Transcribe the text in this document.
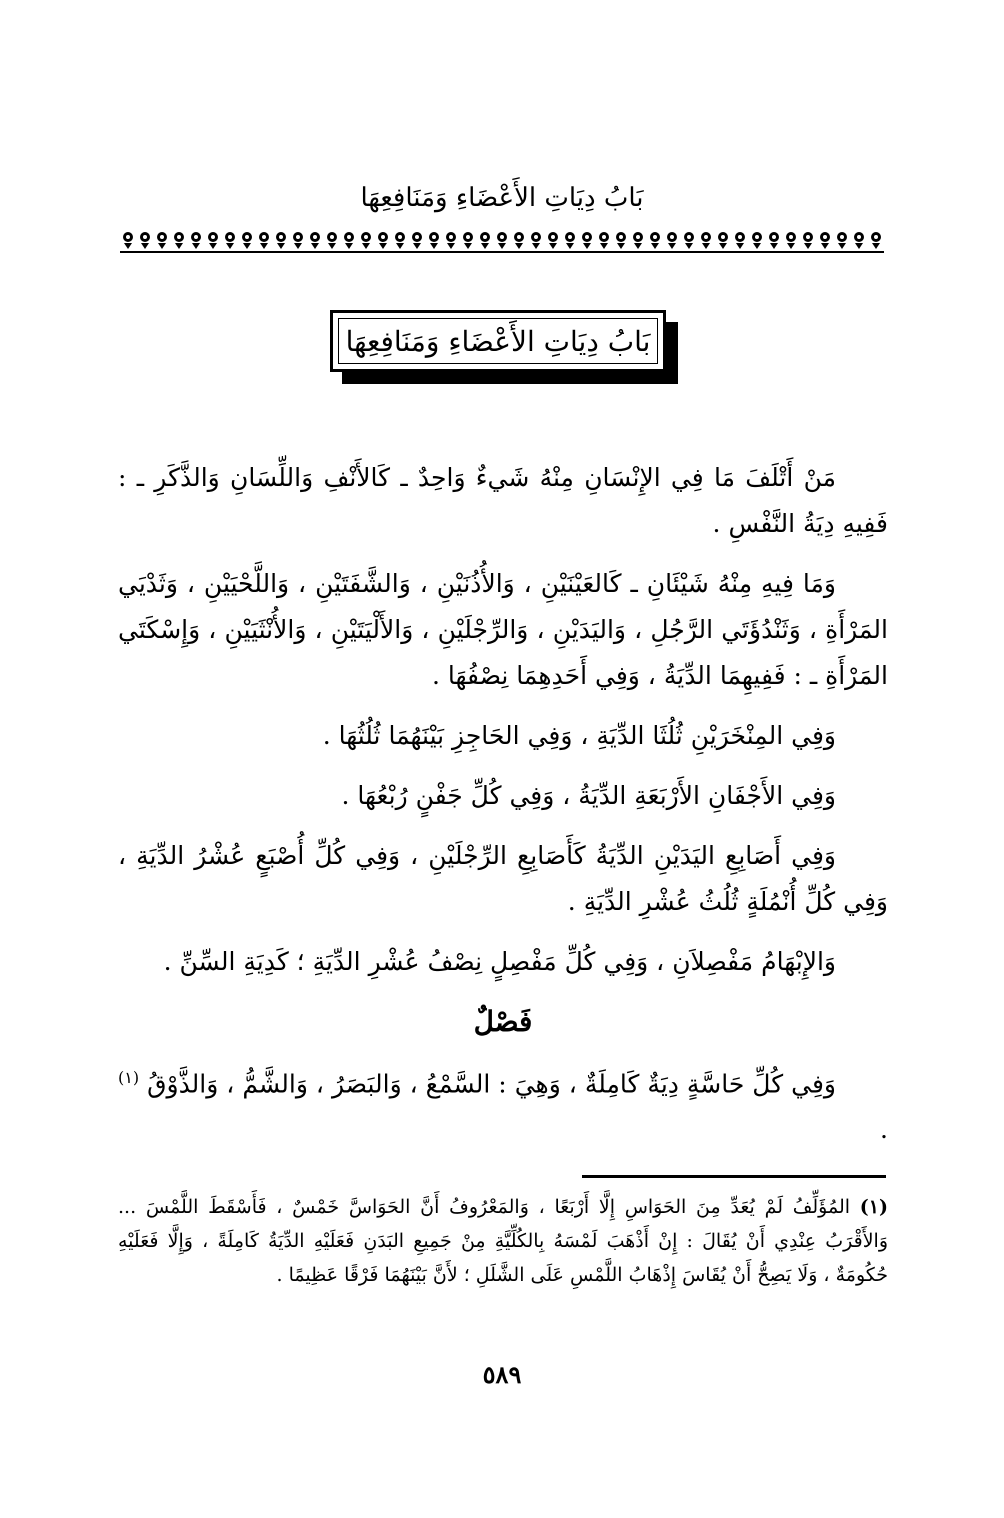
بَابُ دِيَاتِ الأَعْضَاءِ وَمَنَافِعِهَا
بَابُ دِيَاتِ الأَعْضَاءِ وَمَنَافِعِهَا

مَنْ أَتْلَفَ مَا فِي الإِنْسَانِ مِنْهُ شَيءٌ وَاحِدٌ ـ كَالأَنْفِ وَاللِّسَانِ وَالذَّكَرِ ـ : فَفِيهِ دِيَةُ النَّفْسِ .

وَمَا فِيهِ مِنْهُ شَيْئَانِ ـ كَالعَيْنَيْنِ ، وَالأُذُنَيْنِ ، وَالشَّفَتَيْنِ ، وَاللَّحْيَيْنِ ، وَثَدْيَي المَرْأَةِ ، وَثَنْدُؤَتَي الرَّجُلِ ، وَاليَدَيْنِ ، وَالرِّجْلَيْنِ ، وَالأَلْيَتَيْنِ ، وَالأُنْثَيَيْنِ ، وَإِسْكَتَي المَرْأَةِ ـ : فَفِيهِمَا الدِّيَةُ ، وَفِي أَحَدِهِمَا نِصْفُهَا .

وَفِي المِنْخَرَيْنِ ثُلُثَا الدِّيَةِ ، وَفِي الحَاجِزِ بَيْنَهُمَا ثُلُثُهَا .

وَفِي الأَجْفَانِ الأَرْبَعَةِ الدِّيَةُ ، وَفِي كُلِّ جَفْنٍ رُبْعُهَا .

وَفِي أَصَابِعِ اليَدَيْنِ الدِّيَةُ كَأَصَابِعِ الرِّجْلَيْنِ ، وَفِي كُلِّ أُصْبَعٍ عُشْرُ الدِّيَةِ ، وَفِي كُلِّ أُنْمُلَةٍ ثُلُثُ عُشْرِ الدِّيَةِ .

وَالإِبْهَامُ مَفْصِلاَنِ ، وَفِي كُلِّ مَفْصِلٍ نِصْفُ عُشْرِ الدِّيَةِ ؛ كَدِيَةِ السِّنِّ .

فَصْلٌ

وَفِي كُلِّ حَاسَّةٍ دِيَةٌ كَامِلَةٌ ، وَهِيَ : السَّمْعُ ، وَالبَصَرُ ، وَالشَّمُّ ، وَالذَّوْقُ $^{(١)}$ .

(١) المُؤَلِّفُ لَمْ يُعَدِّ مِنَ الحَوَاسِ إِلَّا أَرْبَعًا ، وَالمَعْرُوفُ أَنَّ الحَوَاسَّ خَمْسٌ ، فَأَسْقَطَ اللَّمْسَ ... وَالأَقْرَبُ عِنْدِي أَنْ يُقَالَ : إِنْ أَذْهَبَ لَمْسَهُ بِالكُلِّيَّةِ مِنْ جَمِيعِ البَدَنِ فَعَلَيْهِ الدِّيَةُ كَامِلَةً ، وَإِلَّا فَعَلَيْهِ حُكُومَةٌ ، وَلَا يَصِحُّ أَنْ يُقَاسَ إِذْهَابُ اللَّمْسِ عَلَى الشَّلَلِ ؛ لأَنَّ بَيْنَهُمَا فَرْقًا عَظِيمًا .

٥٨٩
